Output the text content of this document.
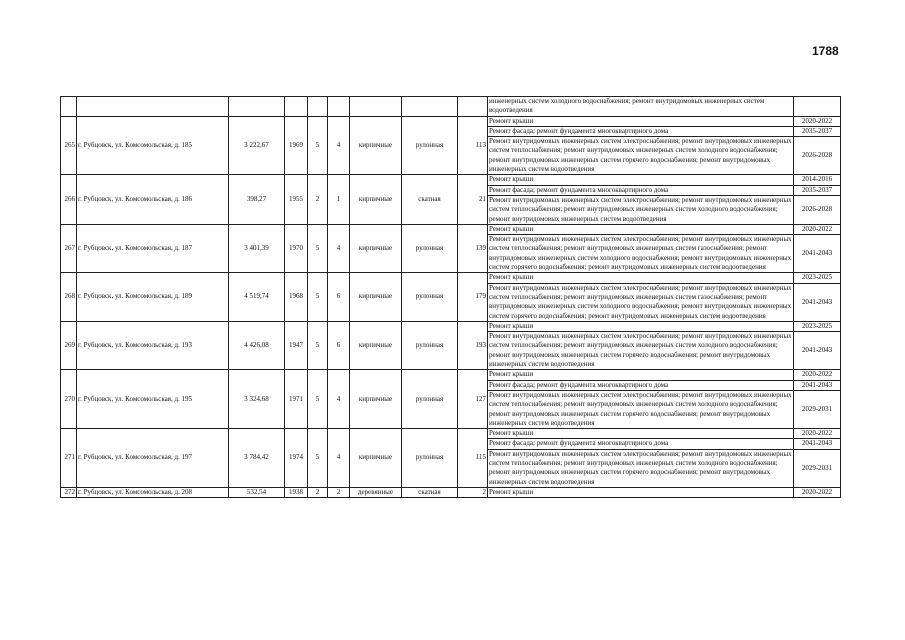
1788
									инженерных систем холодного водоснабжения; ремонт внутридомовых инженерных систем водоотведения	
265	г. Рубцовск, ул. Комсомольская, д. 185	3 222,67	1969	5	4	кирпичные	рулонная	113	Ремонт крыши	2020-2022
									Ремонт фасада; ремонт фундамента многоквартирного дома	2035-2037
									Ремонт внутридомовых инженерных систем электроснабжения; ремонт внутридомовых инженерных систем теплоснабжения; ремонт внутридомовых инженерных систем холодного водоснабжения; ремонт внутридомовых инженерных систем горячего водоснабжения; ремонт внутридомовых инженерных систем водоотведения	2026-2028
266	г. Рубцовск, ул. Комсомольская, д. 186	398,27	1955	2	1	кирпичные	скатная	21	Ремонт крыши	2014-2016
									Ремонт фасада; ремонт фундамента многоквартирного дома	2035-2037
									Ремонт внутридомовых инженерных систем электроснабжения; ремонт внутридомовых инженерных систем теплоснабжения; ремонт внутридомовых инженерных систем холодного водоснабжения; ремонт внутридомовых инженерных систем водоотведения	2026-2028
267	г. Рубцовск, ул. Комсомольская, д. 187	3 401,39	1970	5	4	кирпичные	рулонная	139	Ремонт крыши	2020-2022
									Ремонт внутридомовых инженерных систем электроснабжения; ремонт внутридомовых инженерных систем теплоснабжения; ремонт внутридомовых инженерных систем газоснабжения; ремонт внутридомовых инженерных систем холодного водоснабжения; ремонт внутридомовых инженерных систем горячего водоснабжения; ремонт внутридомовых инженерных систем водоотведения	2041-2043
268	г. Рубцовск, ул. Комсомольская, д. 189	4 519,74	1968	5	6	кирпичные	рулонная	179	Ремонт крыши	2023-2025
									Ремонт внутридомовых инженерных систем электроснабжения; ремонт внутридомовых инженерных систем теплоснабжения; ремонт внутридомовых инженерных систем газоснабжения; ремонт внутридомовых инженерных систем холодного водоснабжения; ремонт внутридомовых инженерных систем горячего водоснабжения; ремонт внутридомовых инженерных систем водоотведения	2041-2043
269	г. Рубцовск, ул. Комсомольская, д. 193	4 426,08	1947	5	6	кирпичные	рулонная	193	Ремонт крыши	2023-2025
									Ремонт внутридомовых инженерных систем электроснабжения; ремонт внутридомовых инженерных систем теплоснабжения; ремонт внутридомовых инженерных систем холодного водоснабжения; ремонт внутридомовых инженерных систем горячего водоснабжения; ремонт внутридомовых инженерных систем водоотведения	2041-2043
270	г. Рубцовск, ул. Комсомольская, д. 195	3 324,68	1971	5	4	кирпичные	рулонная	127	Ремонт крыши	2020-2022
									Ремонт фасада; ремонт фундамента многоквартирного дома	2041-2043
									Ремонт внутридомовых инженерных систем электроснабжения; ремонт внутридомовых инженерных систем теплоснабжения; ремонт внутридомовых инженерных систем холодного водоснабжения; ремонт внутридомовых инженерных систем горячего водоснабжения; ремонт внутридомовых инженерных систем водоотведения	2029-2031
271	г. Рубцовск, ул. Комсомольская, д. 197	3 784,42	1974	5	4	кирпичные	рулонная	115	Ремонт крыши	2020-2022
									Ремонт фасада; ремонт фундамента многоквартирного дома	2041-2043
									Ремонт внутридомовых инженерных систем электроснабжения; ремонт внутридомовых инженерных систем теплоснабжения; ремонт внутридомовых инженерных систем холодного водоснабжения; ремонт внутридомовых инженерных систем горячего водоснабжения; ремонт внутридомовых инженерных систем водоотведения	2029-2031
272	г. Рубцовск, ул. Комсомольская, д. 208	532,54	1938	2	2	деревянные	скатная	2	Ремонт крыши	2020-2022
